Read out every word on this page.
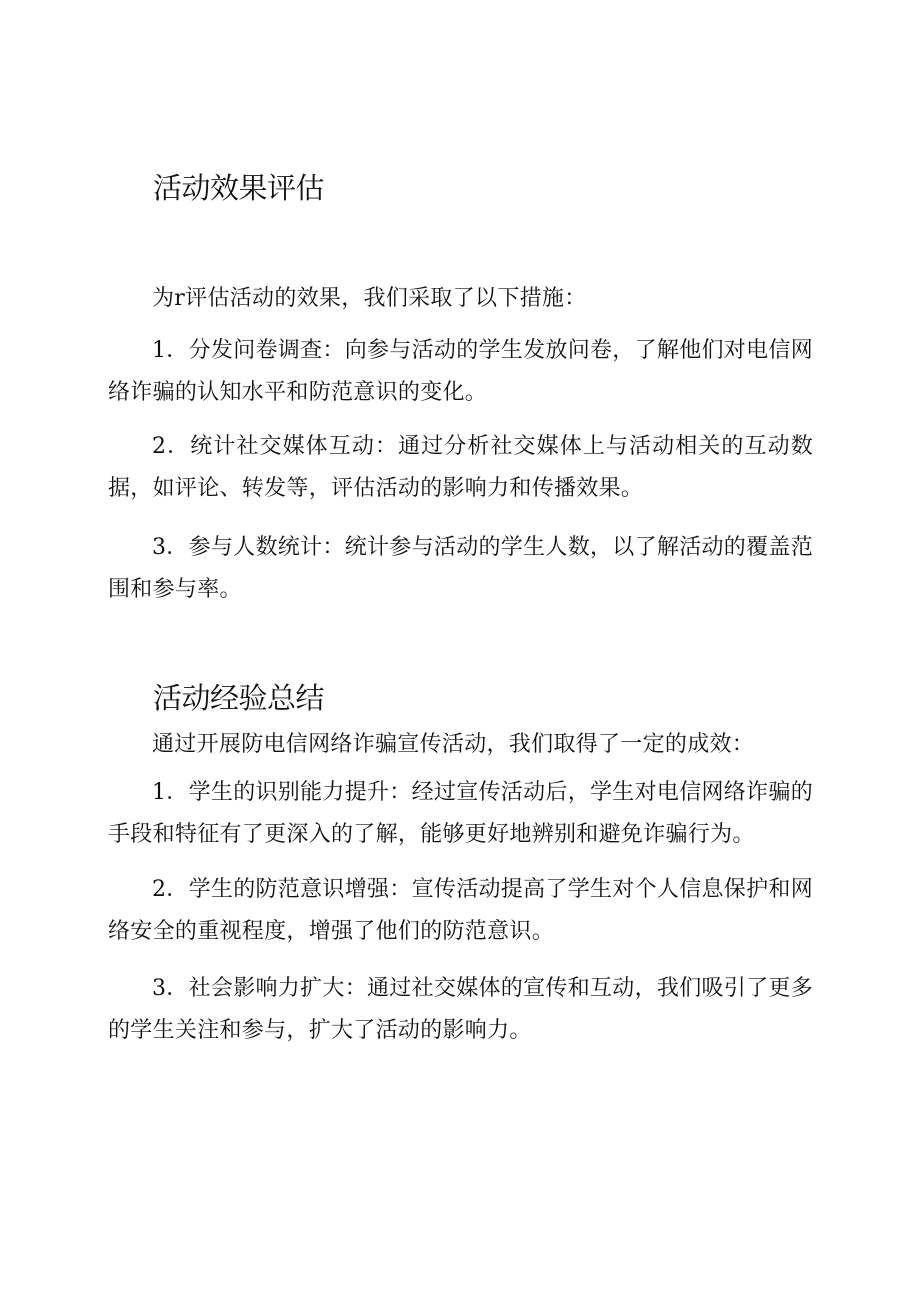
活动效果评估

为r评估活动的效果，我们采取了以下措施：

1．分发问卷调查：向参与活动的学生发放问卷，了解他们对电信网络诈骗的认知水平和防范意识的变化。

2．统计社交媒体互动：通过分析社交媒体上与活动相关的互动数据，如评论、转发等，评估活动的影响力和传播效果。

3．参与人数统计：统计参与活动的学生人数，以了解活动的覆盖范围和参与率。

活动经验总结

通过开展防电信网络诈骗宣传活动，我们取得了一定的成效：

1．学生的识别能力提升：经过宣传活动后，学生对电信网络诈骗的手段和特征有了更深入的了解，能够更好地辨别和避免诈骗行为。

2．学生的防范意识增强：宣传活动提高了学生对个人信息保护和网络安全的重视程度，增强了他们的防范意识。

3．社会影响力扩大：通过社交媒体的宣传和互动，我们吸引了更多的学生关注和参与，扩大了活动的影响力。
